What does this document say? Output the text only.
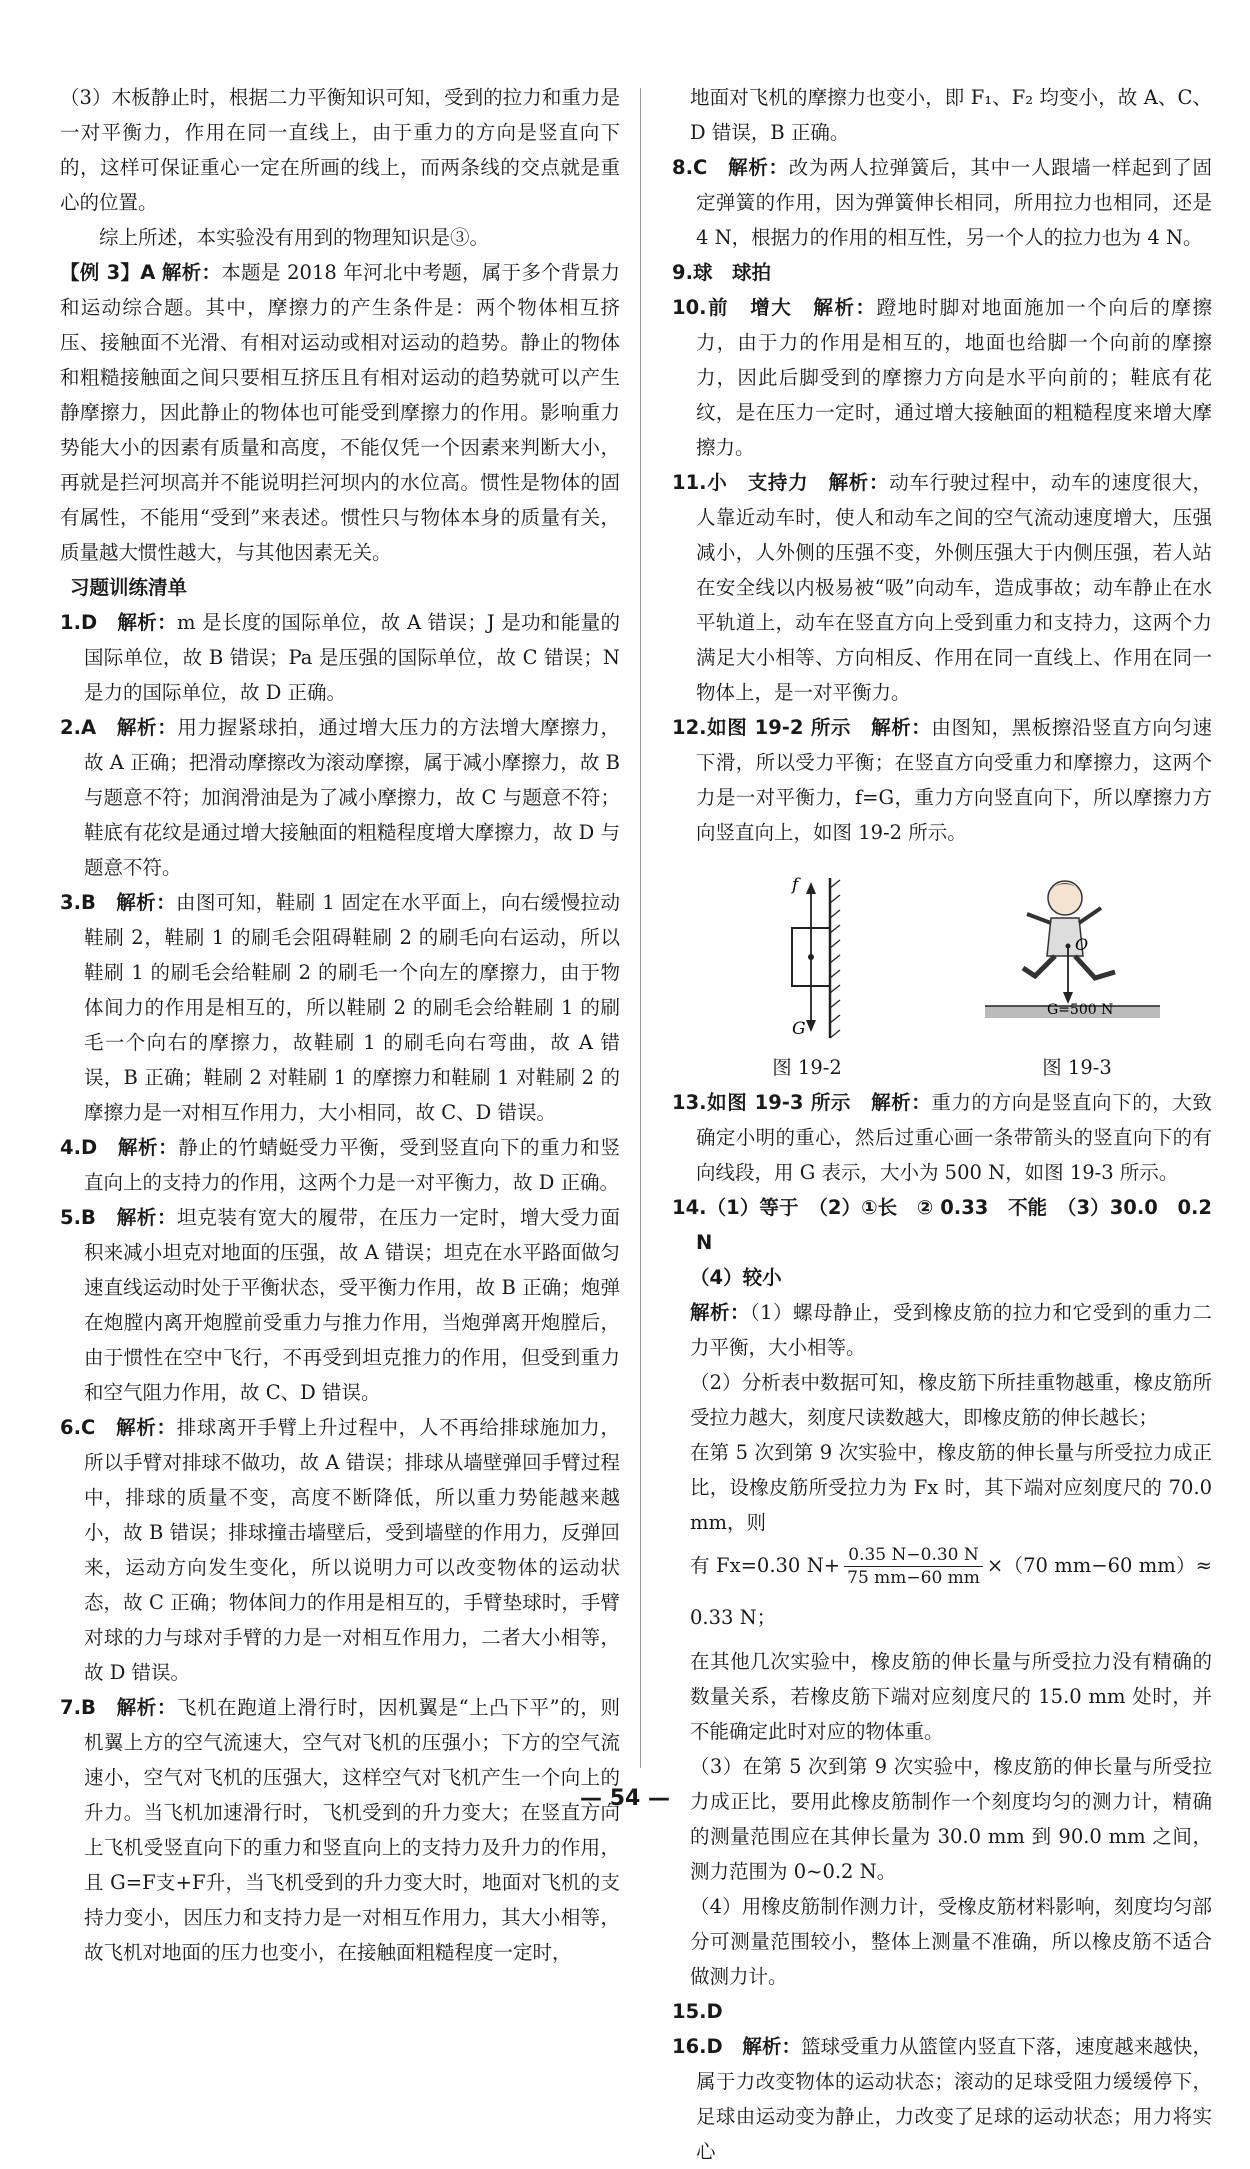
（3）木板静止时，根据二力平衡知识可知，受到的拉力和重力是一对平衡力，作用在同一直线上，由于重力的方向是竖直向下的，这样可保证重心一定在所画的线上，而两条线的交点就是重心的位置。

综上所述，本实验没有用到的物理知识是③。

【例 3】A 解析：本题是 2018 年河北中考题，属于多个背景力和运动综合题。其中，摩擦力的产生条件是：两个物体相互挤压、接触面不光滑、有相对运动或相对运动的趋势。静止的物体和粗糙接触面之间只要相互挤压且有相对运动的趋势就可以产生静摩擦力，因此静止的物体也可能受到摩擦力的作用。影响重力势能大小的因素有质量和高度，不能仅凭一个因素来判断大小，再就是拦河坝高并不能说明拦河坝内的水位高。惯性是物体的固有属性，不能用“受到”来表述。惯性只与物体本身的质量有关，质量越大惯性越大，与其他因素无关。

习题训练清单

1.D　 解析：m 是长度的国际单位，故 A 错误；J 是功和能量的国际单位，故 B 错误；Pa 是压强的国际单位，故 C 错误；N 是力的国际单位，故 D 正确。

2.A　 解析：用力握紧球拍，通过增大压力的方法增大摩擦力，故 A 正确；把滑动摩擦改为滚动摩擦，属于减小摩擦力，故 B 与题意不符；加润滑油是为了减小摩擦力，故 C 与题意不符；鞋底有花纹是通过增大接触面的粗糙程度增大摩擦力，故 D 与题意不符。

3.B　 解析：由图可知，鞋刷 1 固定在水平面上，向右缓慢拉动鞋刷 2，鞋刷 1 的刷毛会阻碍鞋刷 2 的刷毛向右运动，所以鞋刷 1 的刷毛会给鞋刷 2 的刷毛一个向左的摩擦力，由于物体间力的作用是相互的，所以鞋刷 2 的刷毛会给鞋刷 1 的刷毛一个向右的摩擦力，故鞋刷 1 的刷毛向右弯曲，故 A 错误，B 正确；鞋刷 2 对鞋刷 1 的摩擦力和鞋刷 1 对鞋刷 2 的摩擦力是一对相互作用力，大小相同，故 C、D 错误。

4.D　 解析：静止的竹蜻蜓受力平衡，受到竖直向下的重力和竖直向上的支持力的作用，这两个力是一对平衡力，故 D 正确。

5.B　 解析：坦克装有宽大的履带，在压力一定时，增大受力面积来减小坦克对地面的压强，故 A 错误；坦克在水平路面做匀速直线运动时处于平衡状态，受平衡力作用，故 B 正确；炮弹在炮膛内离开炮膛前受重力与推力作用，当炮弹离开炮膛后，由于惯性在空中飞行，不再受到坦克推力的作用，但受到重力和空气阻力作用，故 C、D 错误。

6.C　 解析：排球离开手臂上升过程中，人不再给排球施加力，所以手臂对排球不做功，故 A 错误；排球从墙壁弹回手臂过程中，排球的质量不变，高度不断降低，所以重力势能越来越小，故 B 错误；排球撞击墙壁后，受到墙壁的作用力，反弹回来，运动方向发生变化，所以说明力可以改变物体的运动状态，故 C 正确；物体间力的作用是相互的，手臂垫球时，手臂对球的力与球对手臂的力是一对相互作用力，二者大小相等，故 D 错误。

7.B　 解析：飞机在跑道上滑行时，因机翼是“上凸下平”的，则机翼上方的空气流速大，空气对飞机的压强小；下方的空气流速小，空气对飞机的压强大，这样空气对飞机产生一个向上的升力。当飞机加速滑行时，飞机受到的升力变大；在竖直方向上飞机受竖直向下的重力和竖直向上的支持力及升力的作用，且 G=F支+F升，当飞机受到的升力变大时，地面对飞机的支持力变小，因压力和支持力是一对相互作用力，其大小相等，故飞机对地面的压力也变小，在接触面粗糙程度一定时，

地面对飞机的摩擦力也变小，即 F₁、F₂ 均变小，故 A、C、D 错误，B 正确。

8.C　 解析：改为两人拉弹簧后，其中一人跟墙一样起到了固定弹簧的作用，因为弹簧伸长相同，所用拉力也相同，还是 4 N，根据力的作用的相互性，另一个人的拉力也为 4 N。

9.球　球拍

10.前　增大　 解析：蹬地时脚对地面施加一个向后的摩擦力，由于力的作用是相互的，地面也给脚一个向前的摩擦力，因此后脚受到的摩擦力方向是水平向前的；鞋底有花纹，是在压力一定时，通过增大接触面的粗糙程度来增大摩擦力。

11.小　支持力　 解析：动车行驶过程中，动车的速度很大，人靠近动车时，使人和动车之间的空气流动速度增大，压强减小，人外侧的压强不变，外侧压强大于内侧压强，若人站在安全线以内极易被“吸”向动车，造成事故；动车静止在水平轨道上，动车在竖直方向上受到重力和支持力，这两个力满足大小相等、方向相反、作用在同一直线上、作用在同一物体上，是一对平衡力。

12.如图 19-2 所示　 解析：由图知，黑板擦沿竖直方向匀速下滑，所以受力平衡；在竖直方向受重力和摩擦力，这两个力是一对平衡力，f=G，重力方向竖直向下，所以摩擦力方向竖直向上，如图 19-2 所示。

f
G
O
G=500 N
图 19-2	图 19-3

13.如图 19-3 所示　 解析：重力的方向是竖直向下的，大致确定小明的重心，然后过重心画一条带箭头的竖直向下的有向线段，用 G 表示，大小为 500 N，如图 19-3 所示。

14.（1）等于　（2）①长　② 0.33　不能　（3）30.0　0.2 N

（4）较小

解析：（1）螺母静止，受到橡皮筋的拉力和它受到的重力二力平衡，大小相等。

（2）分析表中数据可知，橡皮筋下所挂重物越重，橡皮筋所受拉力越大，刻度尺读数越大，即橡皮筋的伸长越长；

在第 5 次到第 9 次实验中，橡皮筋的伸长量与所受拉力成正比，设橡皮筋所受拉力为 Fx 时，其下端对应刻度尺的 70.0 mm，则

有 Fx=0.30 $N+ \frac{0.35 N-0.30 N}{75 mm-60 mm} \times(70$ mm−60 mm）≈ 0.33 N；

在其他几次实验中，橡皮筋的伸长量与所受拉力没有精确的数量关系，若橡皮筋下端对应刻度尺的 15.0 mm 处时，并不能确定此时对应的物体重。

（3）在第 5 次到第 9 次实验中，橡皮筋的伸长量与所受拉力成正比，要用此橡皮筋制作一个刻度均匀的测力计，精确的测量范围应在其伸长量为 30.0 mm 到 90.0 mm 之间，测力范围为 0~0.2 N。

（4）用橡皮筋制作测力计，受橡皮筋材料影响，刻度均匀部分可测量范围较小，整体上测量不准确，所以橡皮筋不适合做测力计。

15.D

16.D　 解析：篮球受重力从篮筐内竖直下落，速度越来越快，属于力改变物体的运动状态；滚动的足球受阻力缓缓停下，足球由运动变为静止，力改变了足球的运动状态；用力将实心

— 54 —
